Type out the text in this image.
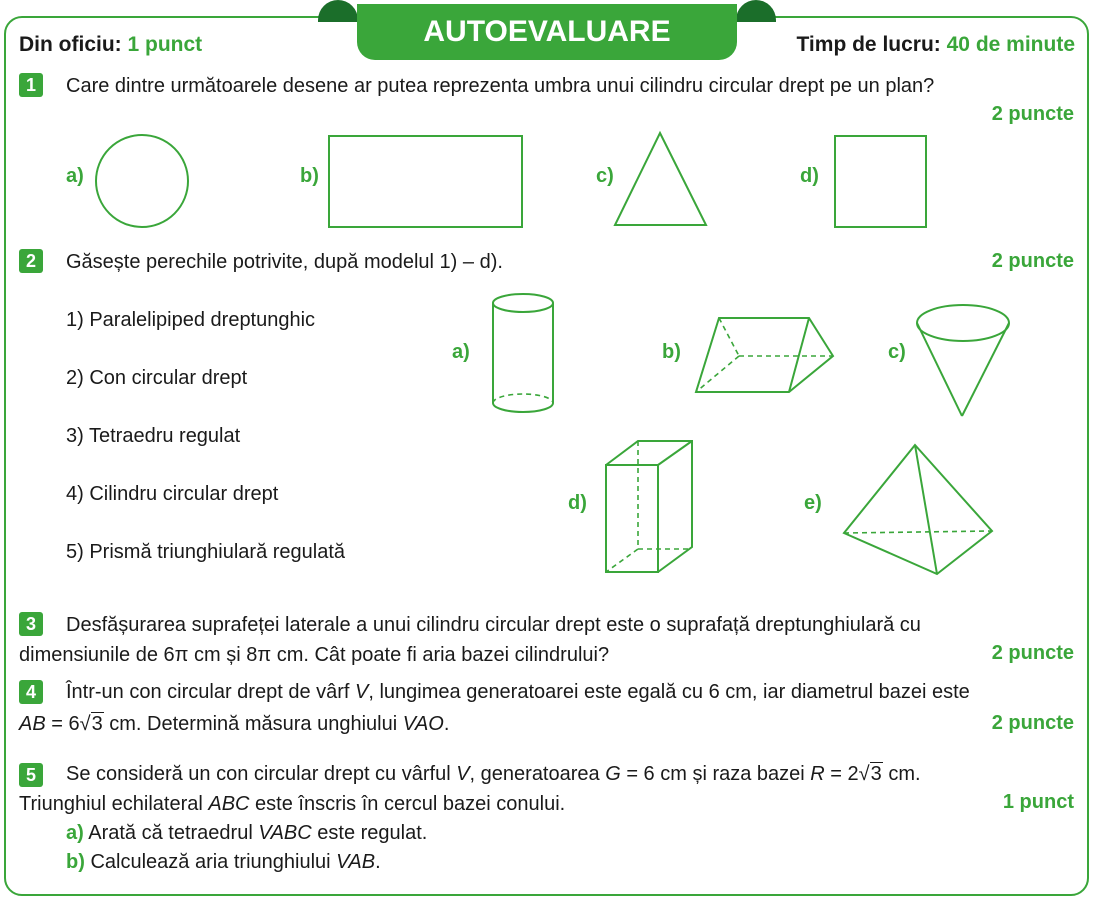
AUTOEVALUARE
Din oficiu: 1 punct	Timp de lucru: 40 de minute
1	Care dintre următoarele desene ar putea reprezenta umbra unui cilindru circular drept pe un plan?
2 puncte
a)	b)	c)	d)
2	Găsește perechile potrivite, după modelul 1) – d).	2 puncte
1) Paralelipiped dreptunghic
2) Con circular drept
3) Tetraedru regulat
4) Cilindru circular drept
5) Prismă triunghiulară regulată
a)	b)	c)
d)	e)
3	Desfășurarea suprafeței laterale a unui cilindru circular drept este o suprafață dreptunghiulară cu
dimensiunile de 6π cm și 8π cm. Cât poate fi aria bazei cilindrului?	2 puncte
4	Într-un con circular drept de vârf V, lungimea generatoarei este egală cu 6 cm, iar diametrul bazei este
AB = 6√3 cm. Determină măsura unghiului VAO.	2 puncte
5	Se consideră un con circular drept cu vârful V, generatoarea G = 6 cm și raza bazei R = 2√3 cm.
Triunghiul echilateral ABC este înscris în cercul bazei conului.	1 punct
a) Arată că tetraedrul VABC este regulat.
b) Calculează aria triunghiului VAB.
